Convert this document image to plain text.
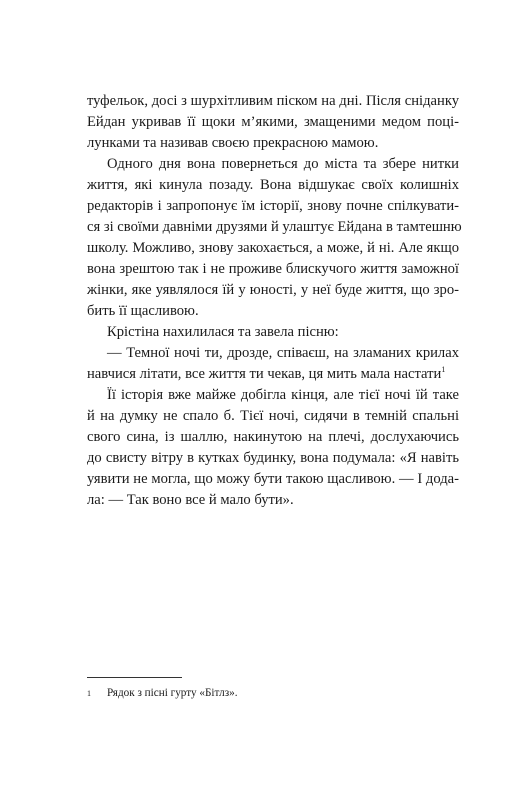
туфельок, досі з шурхітливим піском на дні. Після сніданку
Ейдан укривав її щоки м’якими, змащеними медом поці-
лунками та називав своєю прекрасною мамою.

Одного дня вона повернеться до міста та збере нитки
життя, які кинула позаду. Вона відшукає своїх колишніх
редакторів і запропонує їм історії, знову почне спілкувати-
ся зі своїми давніми друзями й улаштує Ейдана в тамтешню
школу. Можливо, знову закохається, а може, й ні. Але якщо
вона зрештою так і не проживе блискучого життя заможної
жінки, яке уявлялося їй у юності, у неї буде життя, що зро-
бить її щасливою.

Крістіна нахилилася та завела пісню:

— Темної ночі ти, дрозде, співаєш, на зламаних крилах
навчися літати, все життя ти чекав, ця мить мала настати$^1$

Її історія вже майже добігла кінця, але тієї ночі їй таке
й на думку не спало б. Тієї ночі, сидячи в темній спальні
свого сина, із шаллю, накинутою на плечі, дослухаючись
до свисту вітру в кутках будинку, вона подумала: «Я навіть
уявити не могла, що можу бути такою щасливою. — І дода-
ла: — Так воно все й мало бути».

1 Рядок з пісні гурту «Бітлз».
